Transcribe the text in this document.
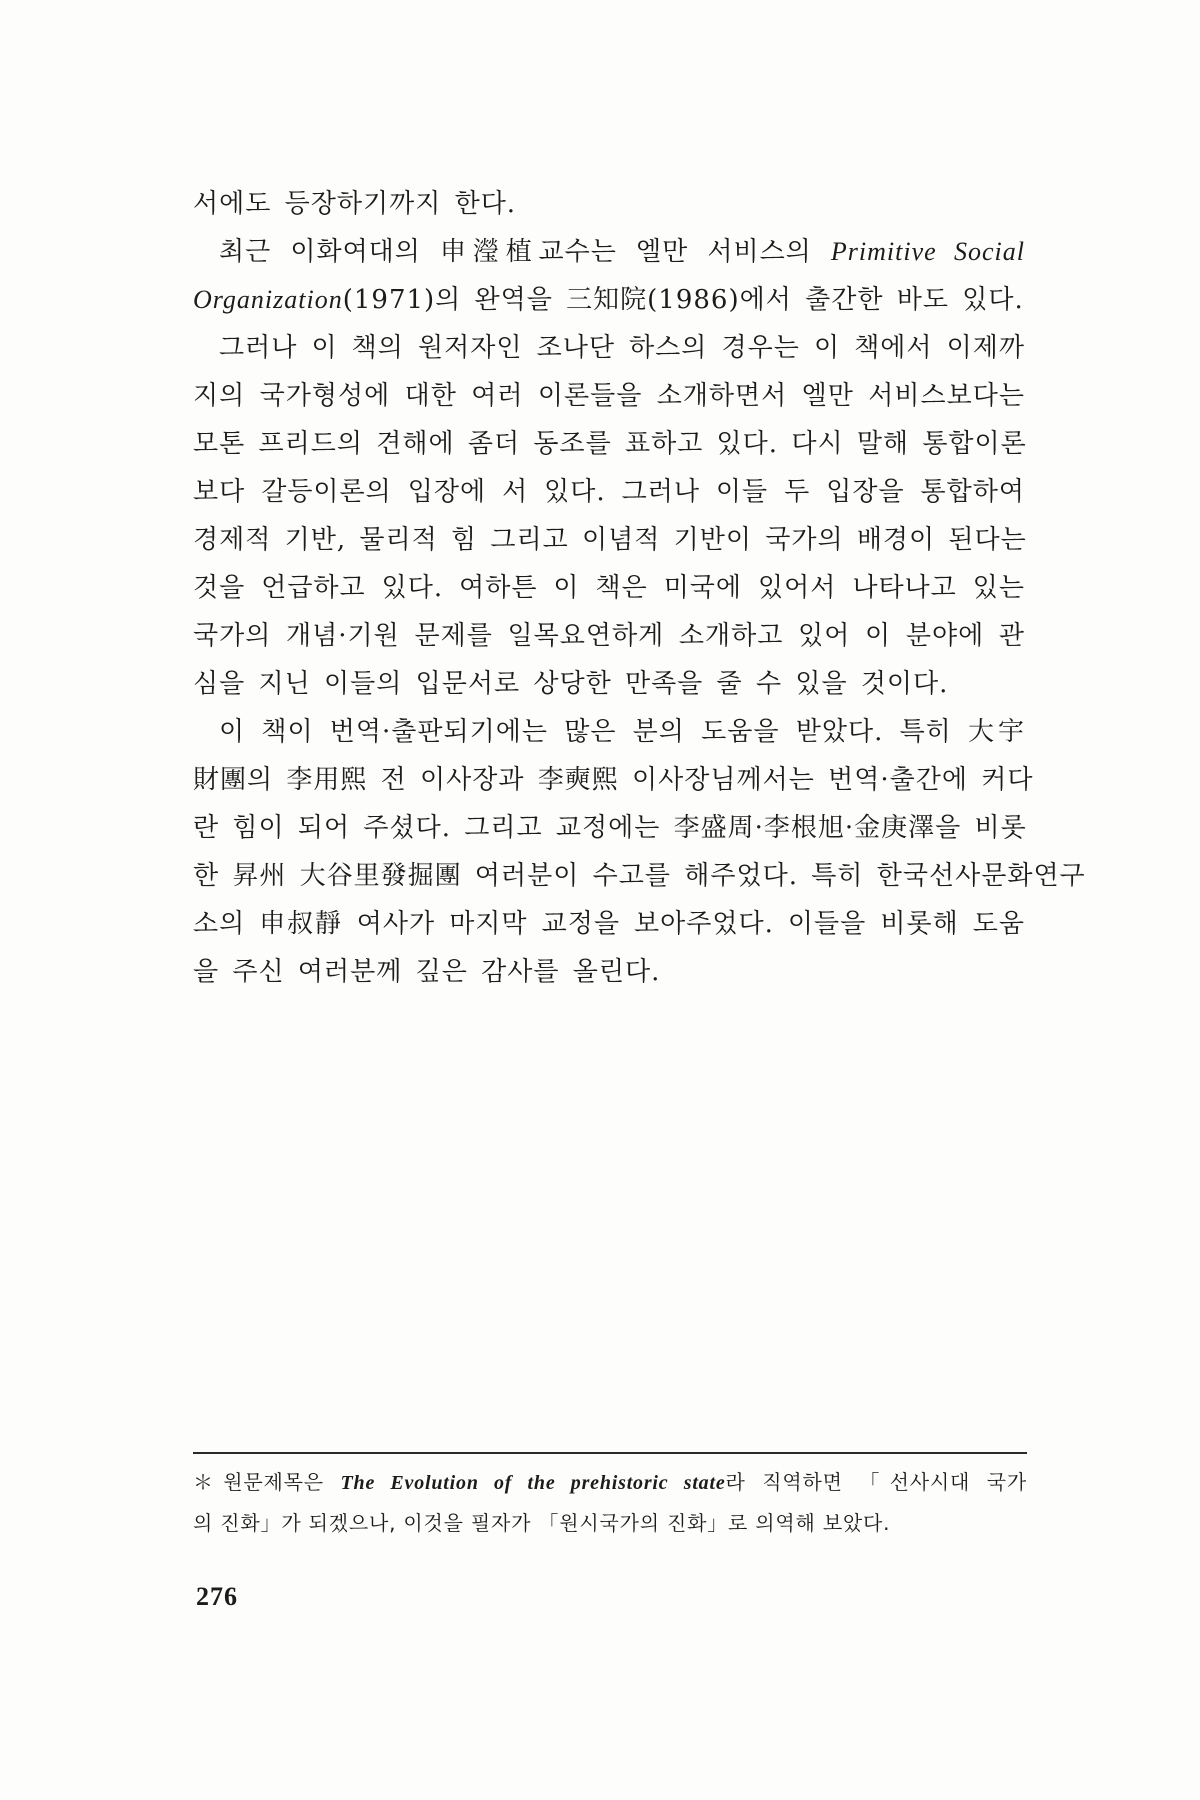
서에도 등장하기까지 한다.

최근 이화여대의 申瀅植교수는 엘만 서비스의 Primitive Social
Organization(1971)의 완역을 三知院(1986)에서 출간한 바도 있다.

그러나 이 책의 원저자인 조나단 하스의 경우는 이 책에서 이제까
지의 국가형성에 대한 여러 이론들을 소개하면서 엘만 서비스보다는
모톤 프리드의 견해에 좀더 동조를 표하고 있다. 다시 말해 통합이론
보다 갈등이론의 입장에 서 있다. 그러나 이들 두 입장을 통합하여
경제적 기반, 물리적 힘 그리고 이념적 기반이 국가의 배경이 된다는
것을 언급하고 있다. 여하튼 이 책은 미국에 있어서 나타나고 있는
국가의 개념·기원 문제를 일목요연하게 소개하고 있어 이 분야에 관
심을 지닌 이들의 입문서로 상당한 만족을 줄 수 있을 것이다.

이 책이 번역·출판되기에는 많은 분의 도움을 받았다. 특히 大宇
財團의 李用熙 전 이사장과 李奭熙 이사장님께서는 번역·출간에 커다
란 힘이 되어 주셨다. 그리고 교정에는 李盛周·李根旭·金庚澤을 비롯
한 昇州 大谷里發掘團 여러분이 수고를 해주었다. 특히 한국선사문화연구
소의 申叔靜 여사가 마지막 교정을 보아주었다. 이들을 비롯해 도움
을 주신 여러분께 깊은 감사를 올린다.

＊원문제목은 The Evolution of the prehistoric state라 직역하면 「선사시대 국가
의 진화」가 되겠으나, 이것을 필자가 「원시국가의 진화」로 의역해 보았다.
276
